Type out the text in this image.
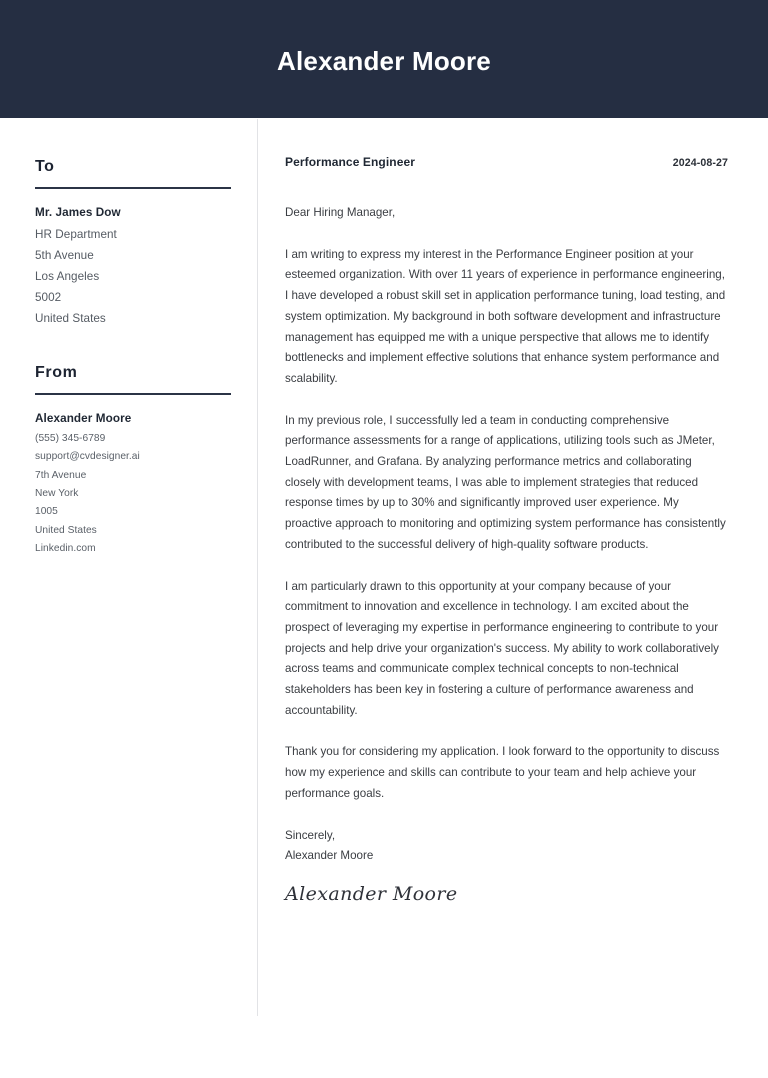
Alexander Moore
To
Mr. James Dow
HR Department
5th Avenue
Los Angeles
5002
United States
From
Alexander Moore
(555) 345-6789
support@cvdesigner.ai
7th Avenue
New York
1005
United States
Linkedin.com
Performance Engineer	2024-08-27

Dear Hiring Manager,

I am writing to express my interest in the Performance Engineer position at your esteemed organization. With over 11 years of experience in performance engineering, I have developed a robust skill set in application performance tuning, load testing, and system optimization. My background in both software development and infrastructure management has equipped me with a unique perspective that allows me to identify bottlenecks and implement effective solutions that enhance system performance and scalability.

In my previous role, I successfully led a team in conducting comprehensive performance assessments for a range of applications, utilizing tools such as JMeter, LoadRunner, and Grafana. By analyzing performance metrics and collaborating closely with development teams, I was able to implement strategies that reduced response times by up to 30% and significantly improved user experience. My proactive approach to monitoring and optimizing system performance has consistently contributed to the successful delivery of high-quality software products.

I am particularly drawn to this opportunity at your company because of your commitment to innovation and excellence in technology. I am excited about the prospect of leveraging my expertise in performance engineering to contribute to your projects and help drive your organization's success. My ability to work collaboratively across teams and communicate complex technical concepts to non-technical stakeholders has been key in fostering a culture of performance awareness and accountability.

Thank you for considering my application. I look forward to the opportunity to discuss how my experience and skills can contribute to your team and help achieve your performance goals.

Sincerely,
Alexander Moore
Alexander Moore
